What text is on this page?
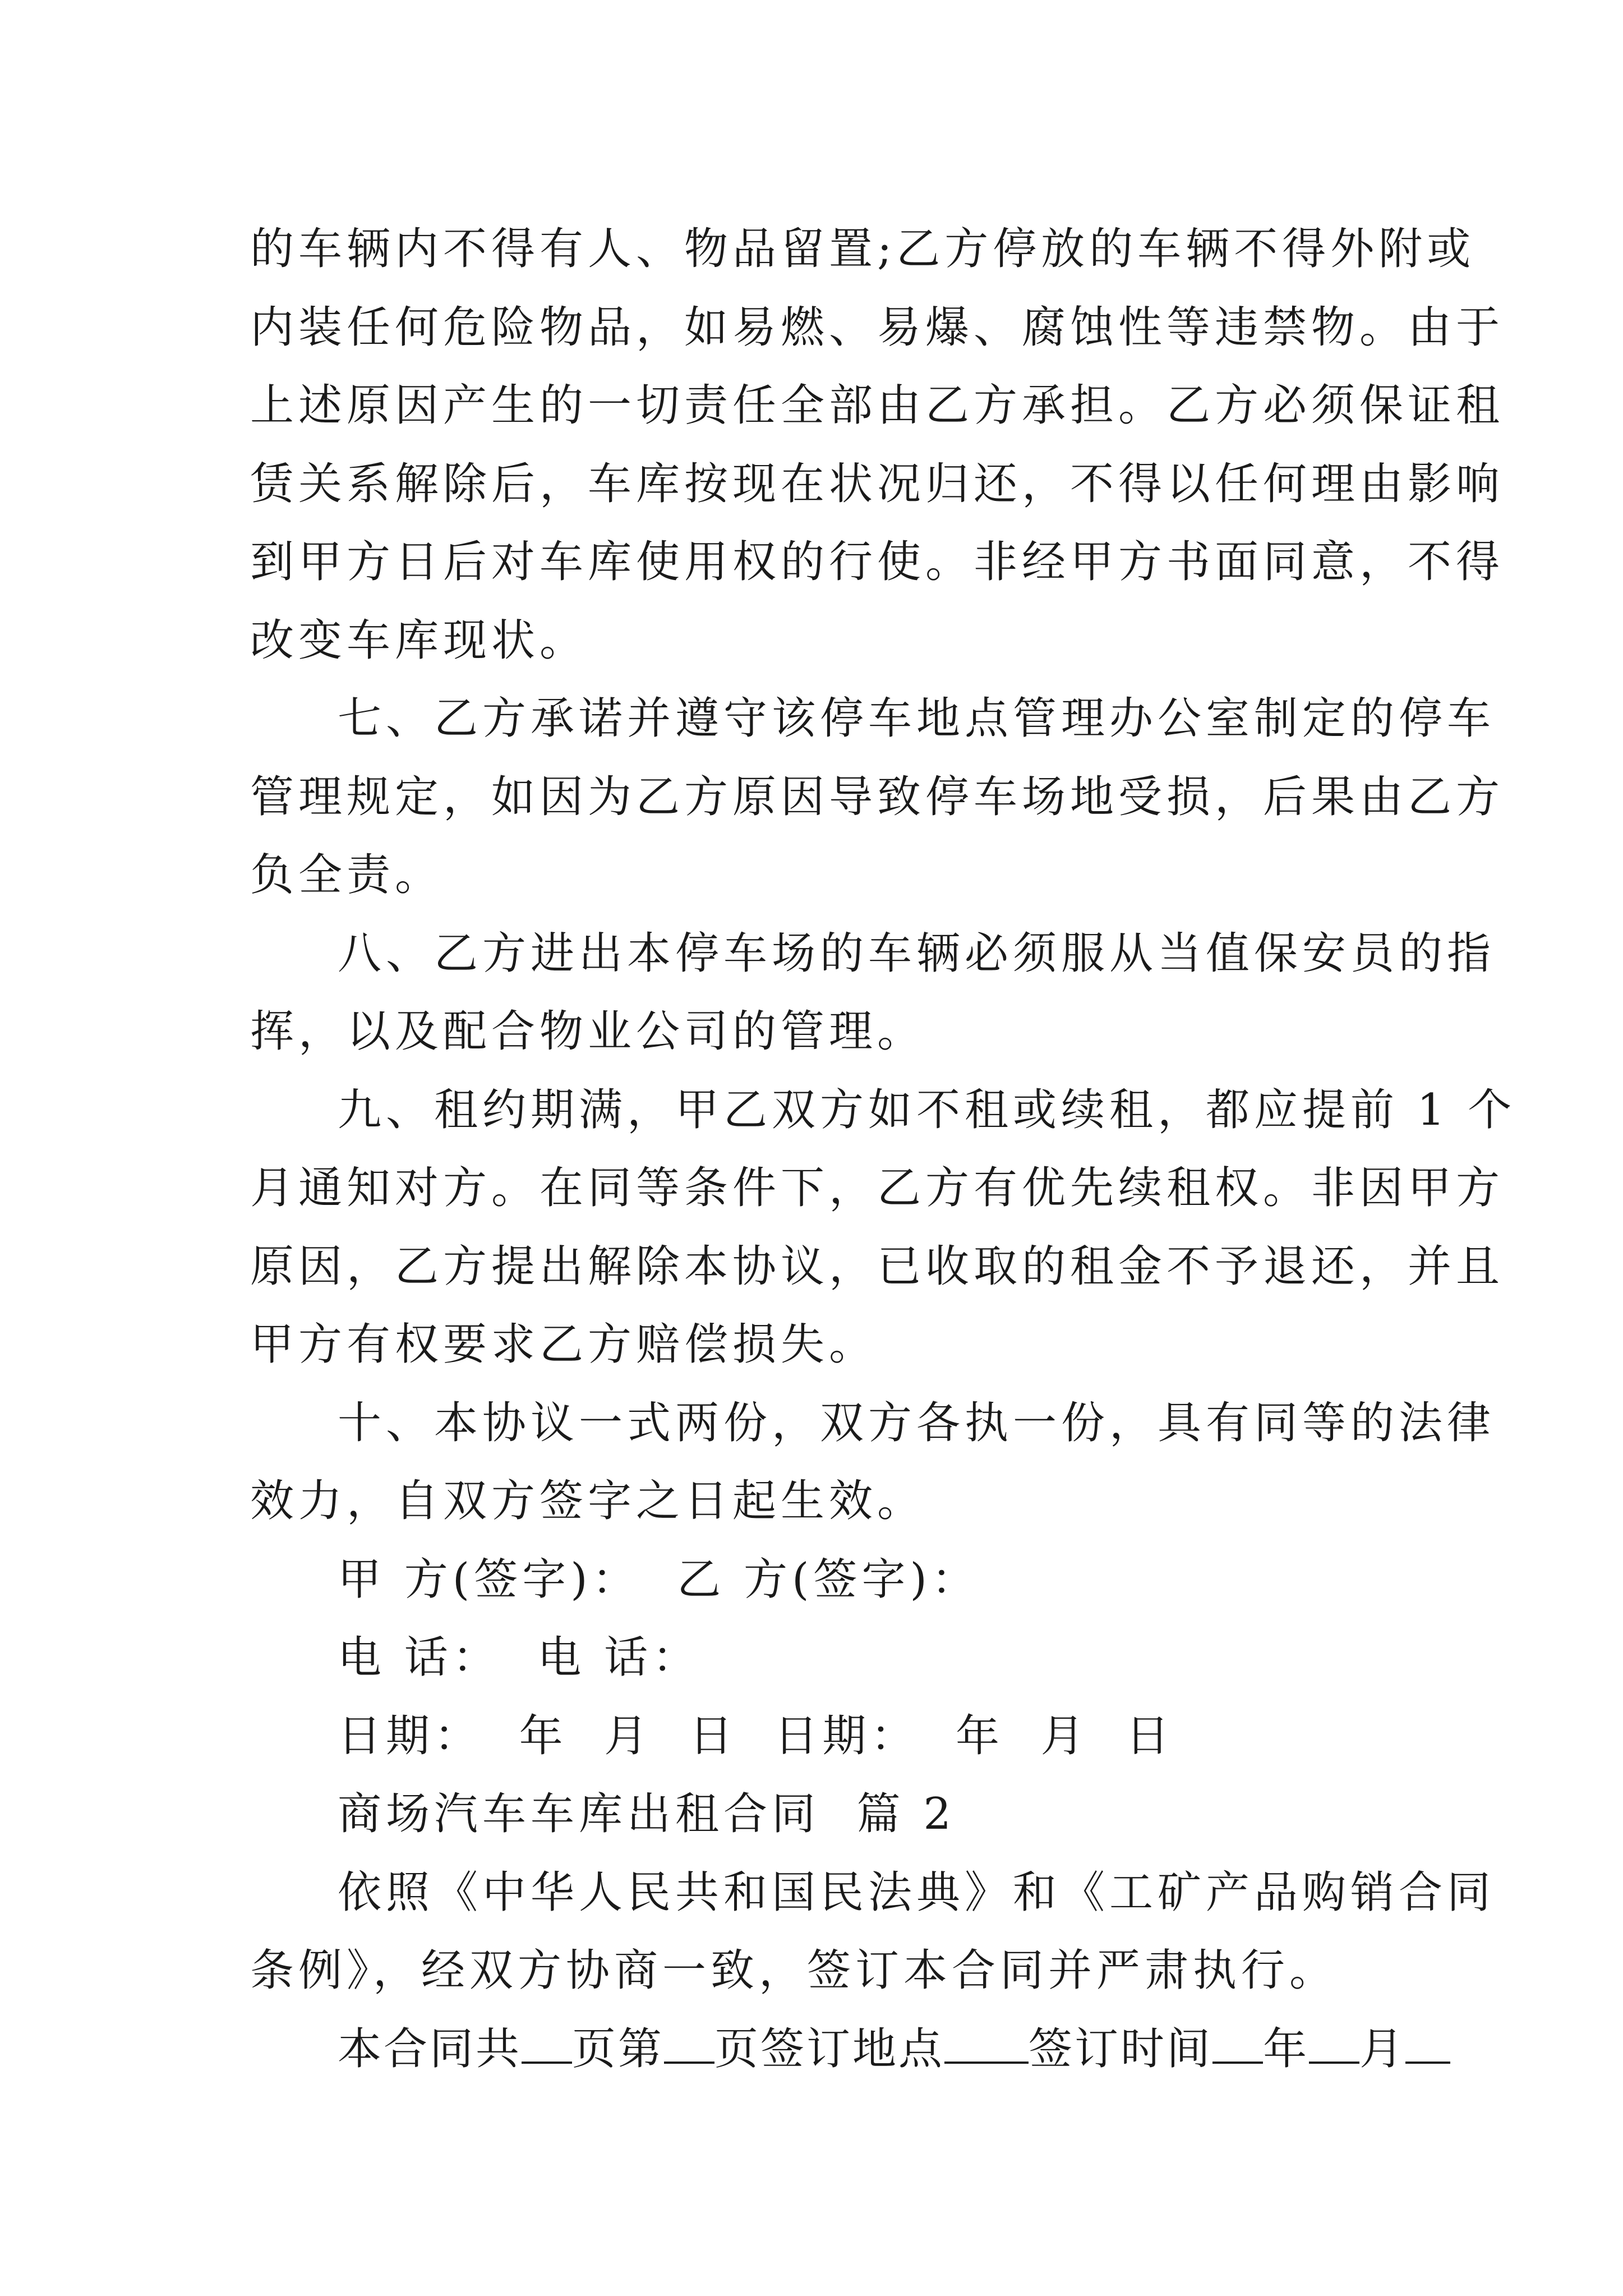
的车辆内不得有人、物品留置;乙方停放的车辆不得外附或
内装任何危险物品，如易燃、易爆、腐蚀性等违禁物。由于
上述原因产生的一切责任全部由乙方承担。乙方必须保证租
赁关系解除后，车库按现在状况归还，不得以任何理由影响
到甲方日后对车库使用权的行使。非经甲方书面同意，不得
改变车库现状。
七、乙方承诺并遵守该停车地点管理办公室制定的停车
管理规定，如因为乙方原因导致停车场地受损，后果由乙方
负全责。
八、乙方进出本停车场的车辆必须服从当值保安员的指
挥，以及配合物业公司的管理。
九、租约期满，甲乙双方如不租或续租，都应提前 1 个
月通知对方。在同等条件下，乙方有优先续租权。非因甲方
原因，乙方提出解除本协议，已收取的租金不予退还，并且
甲方有权要求乙方赔偿损失。
十、本协议一式两份，双方各执一份，具有同等的法律
效力，自双方签字之日起生效。
甲 方(签字)：  乙 方(签字)：
电 话：  电 话：
日期：  年  月  日  日期：  年  月  日
商场汽车车库出租合同  篇 2
依照《中华人民共和国民法典》和《工矿产品购销合同
条例》，经双方协商一致，签订本合同并严肃执行。
本合同共 页第 页签订地点 签订时间 年 月
